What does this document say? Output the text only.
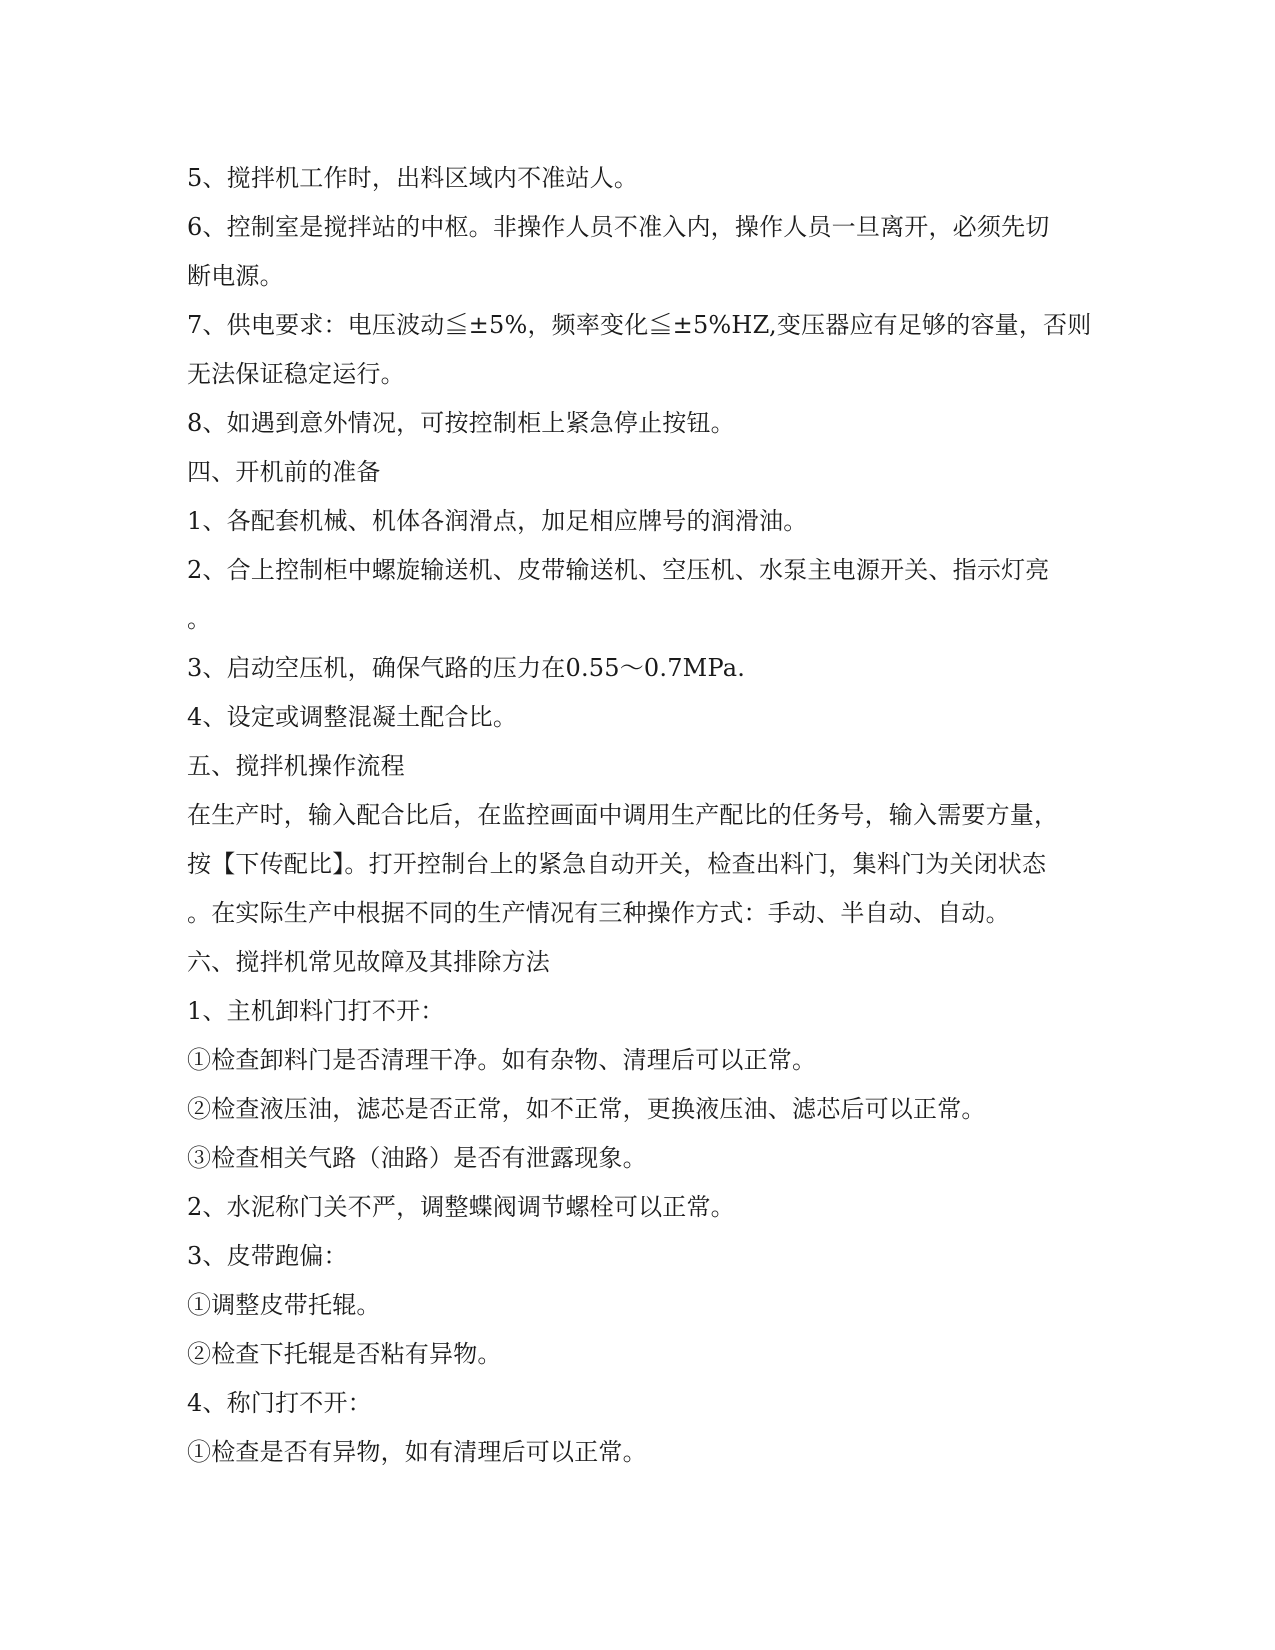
5、搅拌机工作时，出料区域内不准站人。

6、控制室是搅拌站的中枢。非操作人员不准入内，操作人员一旦离开，必须先切

断电源。

7、供电要求：电压波动≦±5%，频率变化≦±5%HZ,变压器应有足够的容量，否则

无法保证稳定运行。

8、如遇到意外情况，可按控制柜上紧急停止按钮。

四、开机前的准备

1、各配套机械、机体各润滑点，加足相应牌号的润滑油。

2、合上控制柜中螺旋输送机、皮带输送机、空压机、水泵主电源开关、指示灯亮

。

3、启动空压机，确保气路的压力在0.55～0.7MPa.

4、设定或调整混凝土配合比。

五、搅拌机操作流程

在生产时，输入配合比后，在监控画面中调用生产配比的任务号，输入需要方量，

按【下传配比】。打开控制台上的紧急自动开关，检查出料门，集料门为关闭状态

。在实际生产中根据不同的生产情况有三种操作方式：手动、半自动、自动。

六、搅拌机常见故障及其排除方法

1、主机卸料门打不开：

①检查卸料门是否清理干净。如有杂物、清理后可以正常。

②检查液压油，滤芯是否正常，如不正常，更换液压油、滤芯后可以正常。

③检查相关气路（油路）是否有泄露现象。

2、水泥称门关不严，调整蝶阀调节螺栓可以正常。

3、皮带跑偏：

①调整皮带托辊。

②检查下托辊是否粘有异物。

4、称门打不开：

①检查是否有异物，如有清理后可以正常。
